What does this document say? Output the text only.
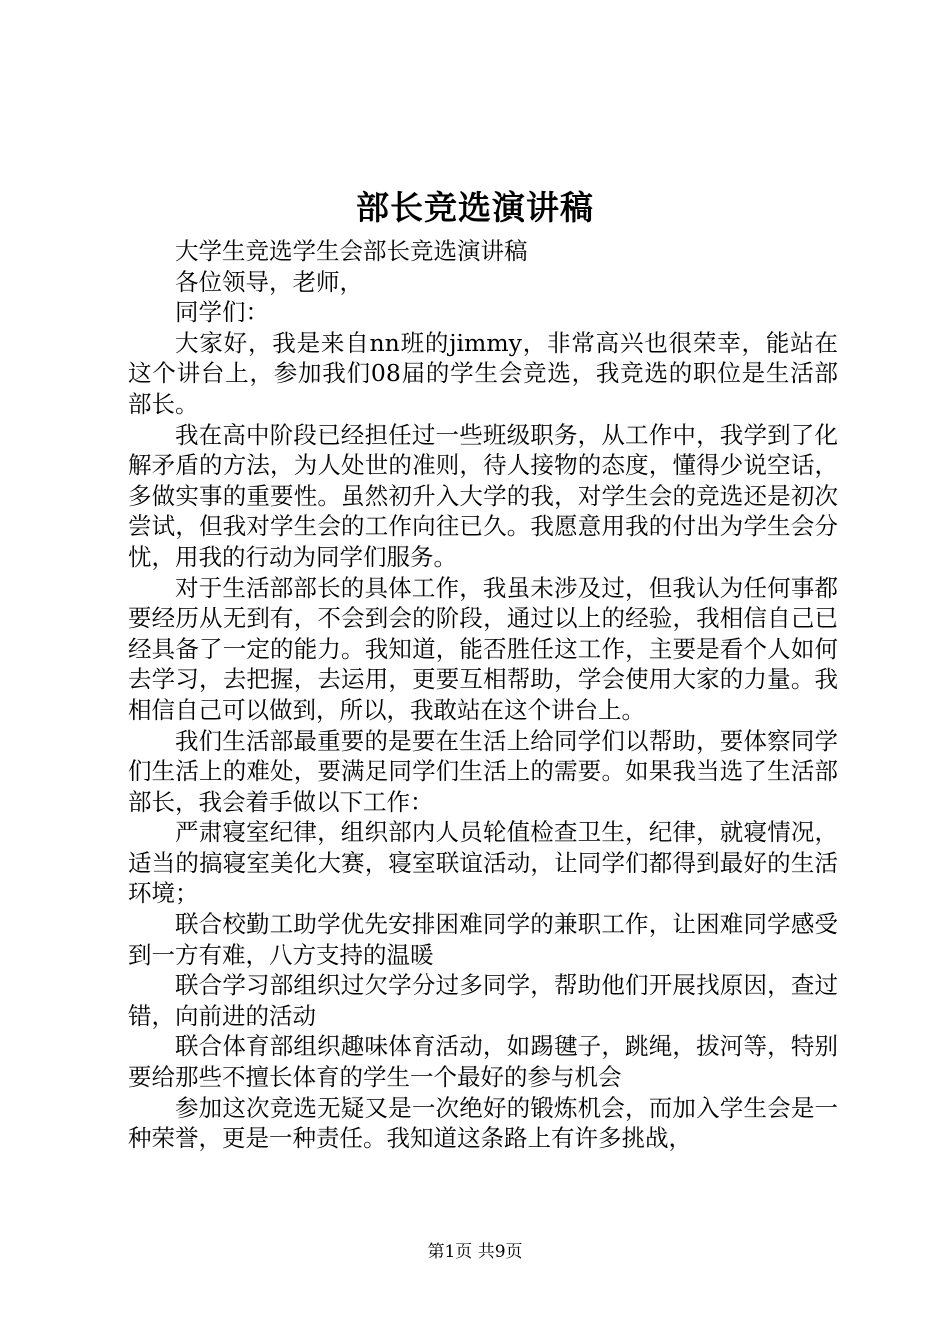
部长竞选演讲稿

大学生竞选学生会部长竞选演讲稿

各位领导，老师，

同学们：

大家好，我是来自nn班的jimmy，非常高兴也很荣幸，能站在这个讲台上，参加我们08届的学生会竞选，我竞选的职位是生活部部长。

我在高中阶段已经担任过一些班级职务，从工作中，我学到了化解矛盾的方法，为人处世的准则，待人接物的态度，懂得少说空话，多做实事的重要性。虽然初升入大学的我，对学生会的竞选还是初次尝试，但我对学生会的工作向往已久。我愿意用我的付出为学生会分忧，用我的行动为同学们服务。

对于生活部部长的具体工作，我虽未涉及过，但我认为任何事都要经历从无到有，不会到会的阶段，通过以上的经验，我相信自己已经具备了一定的能力。我知道，能否胜任这工作，主要是看个人如何去学习，去把握，去运用，更要互相帮助，学会使用大家的力量。我相信自己可以做到，所以，我敢站在这个讲台上。

我们生活部最重要的是要在生活上给同学们以帮助，要体察同学们生活上的难处，要满足同学们生活上的需要。如果我当选了生活部部长，我会着手做以下工作：

严肃寝室纪律，组织部内人员轮值检查卫生，纪律，就寝情况，适当的搞寝室美化大赛，寝室联谊活动，让同学们都得到最好的生活环境；

联合校勤工助学优先安排困难同学的兼职工作，让困难同学感受到一方有难，八方支持的温暖

联合学习部组织过欠学分过多同学，帮助他们开展找原因，查过错，向前进的活动

联合体育部组织趣味体育活动，如踢毽子，跳绳，拔河等，特别要给那些不擅长体育的学生一个最好的参与机会

参加这次竞选无疑又是一次绝好的锻炼机会，而加入学生会是一种荣誉，更是一种责任。我知道这条路上有许多挑战，

第1页 共9页
